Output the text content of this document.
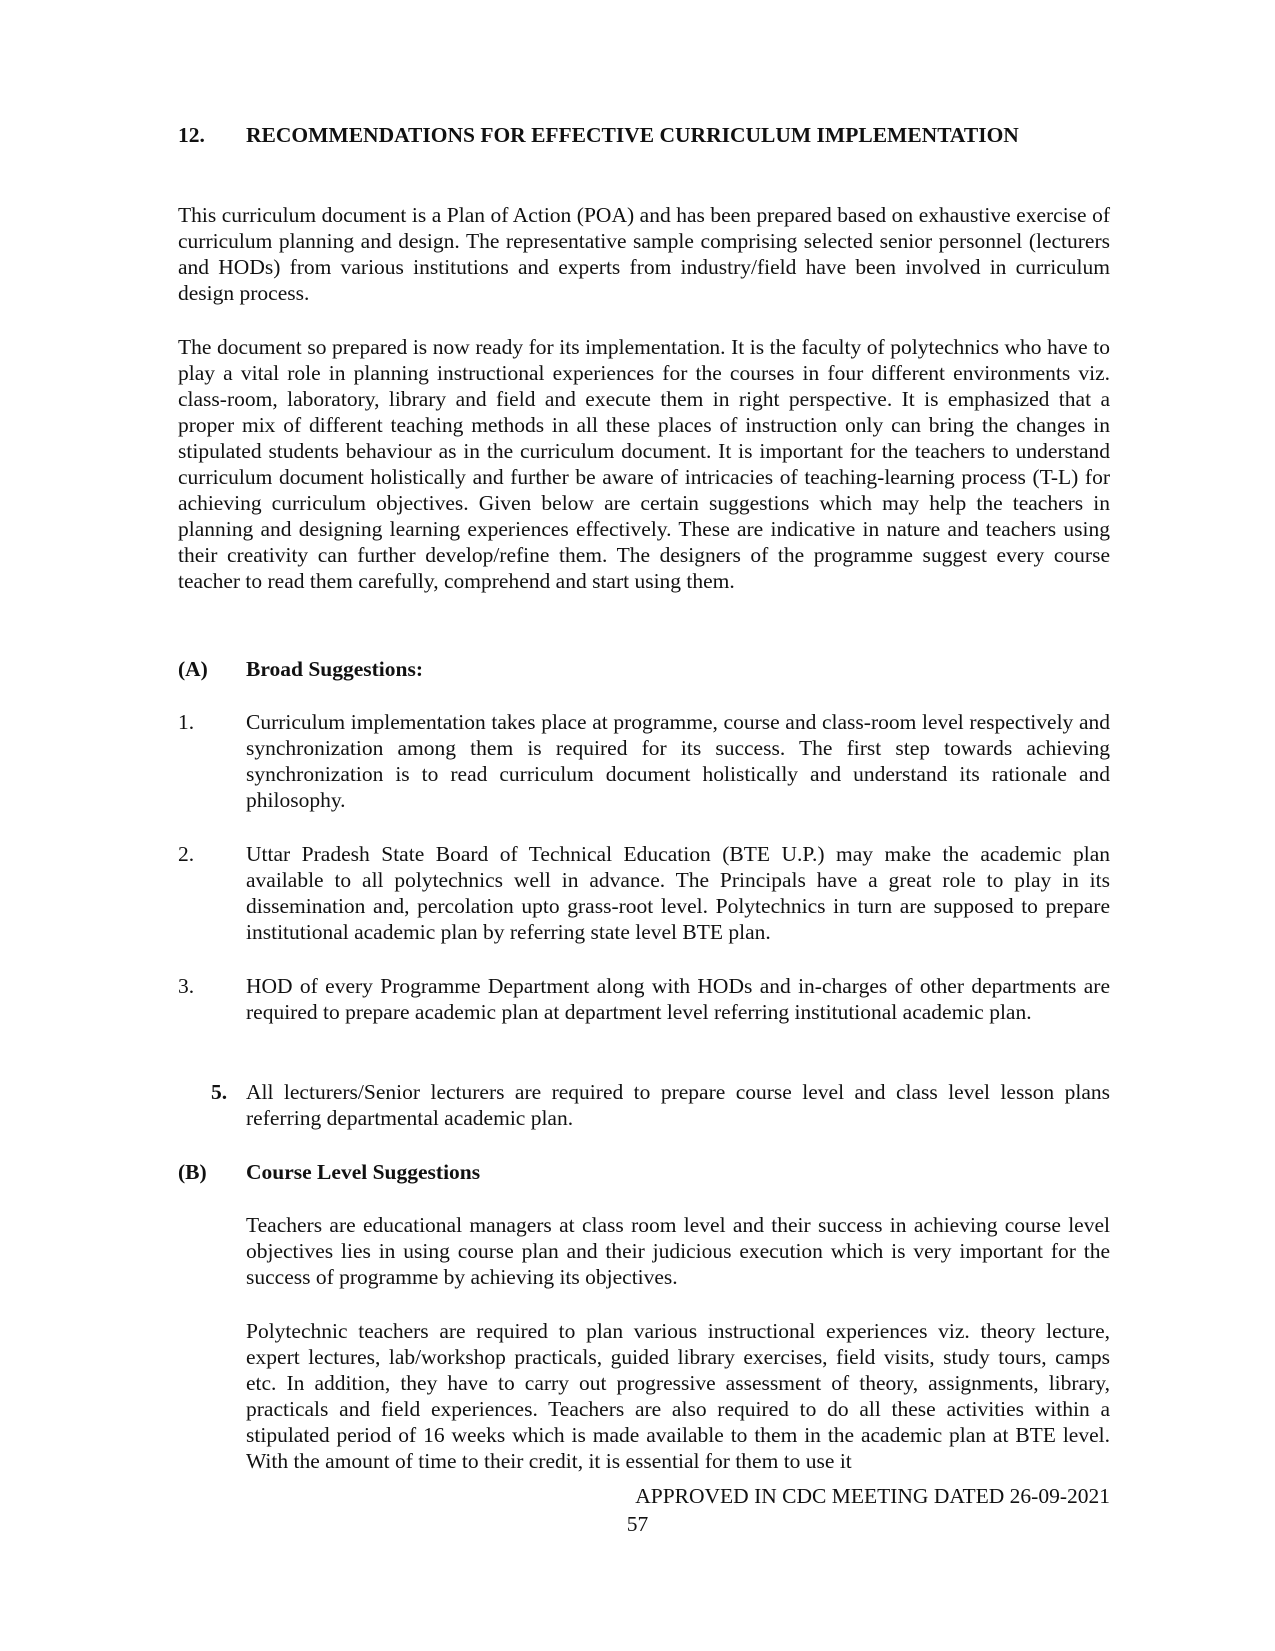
12. RECOMMENDATIONS FOR EFFECTIVE CURRICULUM IMPLEMENTATION
This curriculum document is a Plan of Action (POA) and has been prepared based on exhaustive exercise of curriculum planning and design. The representative sample comprising selected senior personnel (lecturers and HODs) from various institutions and experts from industry/field have been involved in curriculum design process.
The document so prepared is now ready for its implementation. It is the faculty of polytechnics who have to play a vital role in planning instructional experiences for the courses in four different environments viz. class-room, laboratory, library and field and execute them in right perspective. It is emphasized that a proper mix of different teaching methods in all these places of instruction only can bring the changes in stipulated students behaviour as in the curriculum document. It is important for the teachers to understand curriculum document holistically and further be aware of intricacies of teaching-learning process (T-L) for achieving curriculum objectives. Given below are certain suggestions which may help the teachers in planning and designing learning experiences effectively. These are indicative in nature and teachers using their creativity can further develop/refine them. The designers of the programme suggest every course teacher to read them carefully, comprehend and start using them.
(A) Broad Suggestions:
1. Curriculum implementation takes place at programme, course and class-room level respectively and synchronization among them is required for its success. The first step towards achieving synchronization is to read curriculum document holistically and understand its rationale and philosophy.
2. Uttar Pradesh State Board of Technical Education (BTE U.P.) may make the academic plan available to all polytechnics well in advance. The Principals have a great role to play in its dissemination and, percolation upto grass-root level. Polytechnics in turn are supposed to prepare institutional academic plan by referring state level BTE plan.
3. HOD of every Programme Department along with HODs and in-charges of other departments are required to prepare academic plan at department level referring institutional academic plan.
5. All lecturers/Senior lecturers are required to prepare course level and class level lesson plans referring departmental academic plan.
(B) Course Level Suggestions
Teachers are educational managers at class room level and their success in achieving course level objectives lies in using course plan and their judicious execution which is very important for the success of programme by achieving its objectives.
Polytechnic teachers are required to plan various instructional experiences viz. theory lecture, expert lectures, lab/workshop practicals, guided library exercises, field visits, study tours, camps etc. In addition, they have to carry out progressive assessment of theory, assignments, library, practicals and field experiences. Teachers are also required to do all these activities within a stipulated period of 16 weeks which is made available to them in the academic plan at BTE level. With the amount of time to their credit, it is essential for them to use it
APPROVED IN CDC MEETING DATED 26-09-2021
57
